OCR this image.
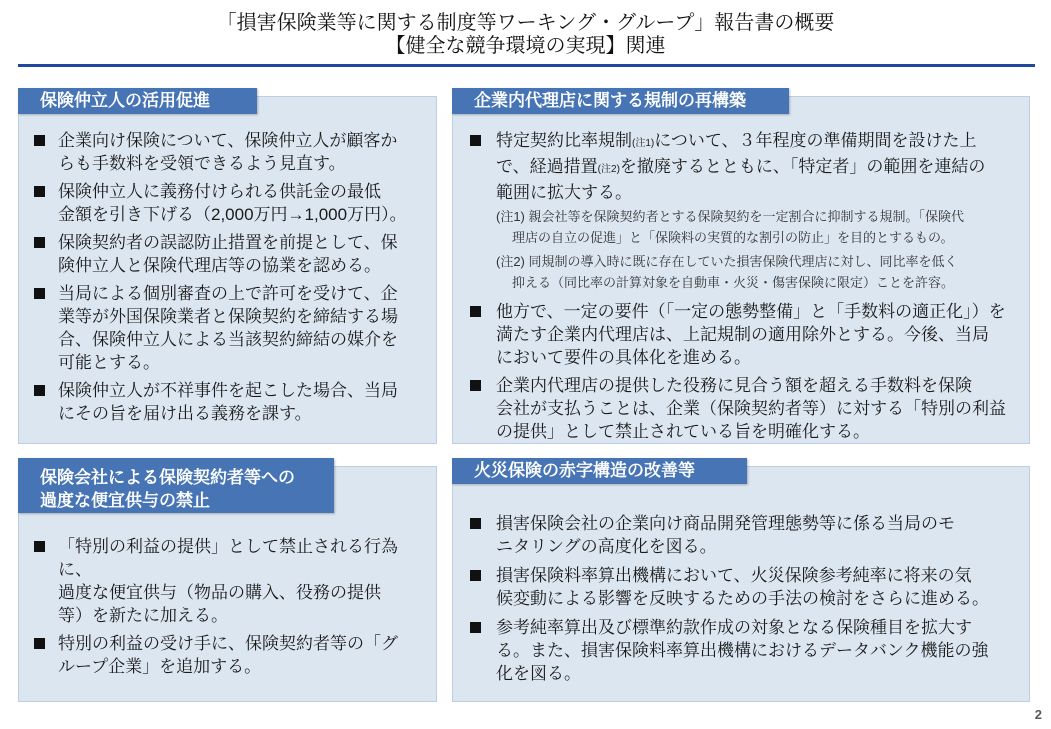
「損害保険業等に関する制度等ワーキング・グループ」報告書の概要
【健全な競争環境の実現】関連
企業向け保険について、保険仲立人が顧客か
らも手数料を受領できるよう見直す。
保険仲立人に義務付けられる供託金の最低
金額を引き下げる（2,000万円→1,000万円）。
保険契約者の誤認防止措置を前提として、保
険仲立人と保険代理店等の協業を認める。
当局による個別審査の上で許可を受けて、企
業等が外国保険業者と保険契約を締結する場
合、保険仲立人による当該契約締結の媒介を
可能とする。
保険仲立人が不祥事件を起こした場合、当局
にその旨を届け出る義務を課す。
特定契約比率規制(注1)について、３年程度の準備期間を設けた上
で、経過措置(注2)を撤廃するとともに、「特定者」の範囲を連結の
範囲に拡大する。
(注1) 親会社等を保険契約者とする保険契約を一定割合に抑制する規制。「保険代
理店の自立の促進」と「保険料の実質的な割引の防止」を目的とするもの。
(注2) 同規制の導入時に既に存在していた損害保険代理店に対し、同比率を低く
抑える（同比率の計算対象を自動車・火災・傷害保険に限定）ことを許容。
他方で、一定の要件（「一定の態勢整備」と「手数料の適正化」）を
満たす企業内代理店は、上記規制の適用除外とする。今後、当局
において要件の具体化を進める。
企業内代理店の提供した役務に見合う額を超える手数料を保険
会社が支払うことは、企業（保険契約者等）に対する「特別の利益
の提供」として禁止されている旨を明確化する。
「特別の利益の提供」として禁止される行為に、
過度な便宜供与（物品の購入、役務の提供
等）を新たに加える。
特別の利益の受け手に、保険契約者等の「グ
ループ企業」を追加する。
損害保険会社の企業向け商品開発管理態勢等に係る当局のモ
ニタリングの高度化を図る。
損害保険料率算出機構において、火災保険参考純率に将来の気
候変動による影響を反映するための手法の検討をさらに進める。
参考純率算出及び標準約款作成の対象となる保険種目を拡大す
る。また、損害保険料率算出機構におけるデータバンク機能の強
化を図る。
保険仲立人の活用促進	企業内代理店に関する規制の再構築
保険会社による保険契約者等への
過度な便宜供与の禁止
火災保険の赤字構造の改善等
2
